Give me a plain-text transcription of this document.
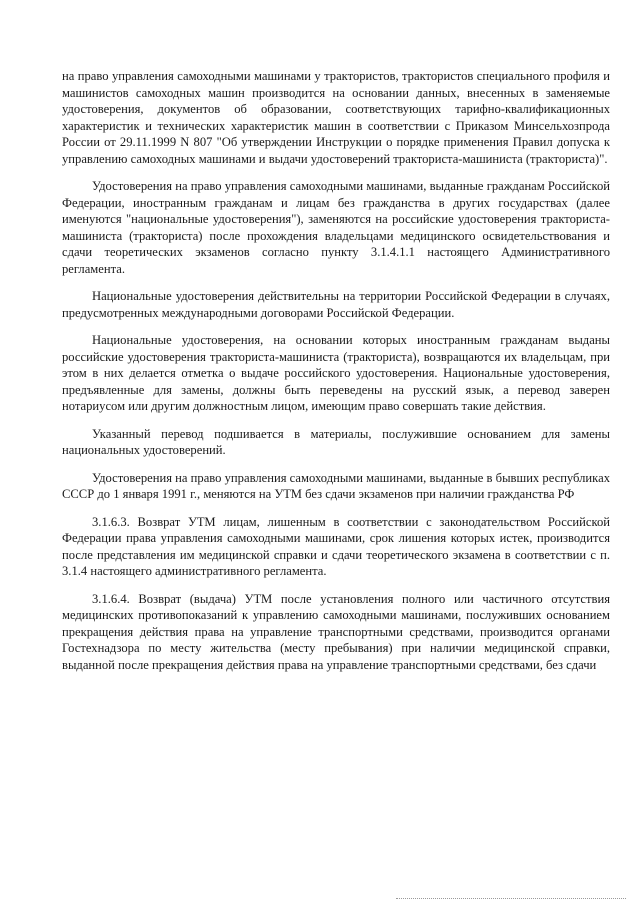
на право управления самоходными машинами у трактористов, трактористов специального профиля и машинистов самоходных машин производится на основании данных, внесенных в заменяемые удостоверения, документов об образовании, соответствующих тарифно-квалификационных характеристик и технических характеристик машин в соответствии с Приказом Минсельхозпрода России от 29.11.1999 N 807 "Об утверждении Инструкции о порядке применения Правил допуска к управлению самоходных машинами и выдачи удостоверений тракториста-машиниста (тракториста)".

Удостоверения на право управления самоходными машинами, выданные гражданам Российской Федерации, иностранным гражданам и лицам без гражданства в других государствах (далее именуются "национальные удостоверения"), заменяются на российские удостоверения тракториста-машиниста (тракториста) после прохождения владельцами медицинского освидетельствования и сдачи теоретических экзаменов согласно пункту 3.1.4.1.1 настоящего Административного регламента.

Национальные удостоверения действительны на территории Российской Федерации в случаях, предусмотренных международными договорами Российской Федерации.

Национальные удостоверения, на основании которых иностранным гражданам выданы российские удостоверения тракториста-машиниста (тракториста), возвращаются их владельцам, при этом в них делается отметка о выдаче российского удостоверения. Национальные удостоверения, предъявленные для замены, должны быть переведены на русский язык, а перевод заверен нотариусом или другим должностным лицом, имеющим право совершать такие действия.

Указанный перевод подшивается в материалы, послужившие основанием для замены национальных удостоверений.

Удостоверения на право управления самоходными машинами, выданные в бывших республиках СССР до 1 января 1991 г., меняются на УТМ без сдачи экзаменов при наличии гражданства РФ

3.1.6.3. Возврат УТМ лицам, лишенным в соответствии с законодательством Российской Федерации права управления самоходными машинами, срок лишения которых истек, производится после представления им медицинской справки и сдачи теоретического экзамена в соответствии с п. 3.1.4 настоящего административного регламента.

3.1.6.4. Возврат (выдача) УТМ после установления полного или частичного отсутствия медицинских противопоказаний к управлению самоходными машинами, послуживших основанием прекращения действия права на управление транспортными средствами, производится органами Гостехнадзора по месту жительства (месту пребывания) при наличии медицинской справки, выданной после прекращения действия права на управление транспортными средствами, без сдачи
